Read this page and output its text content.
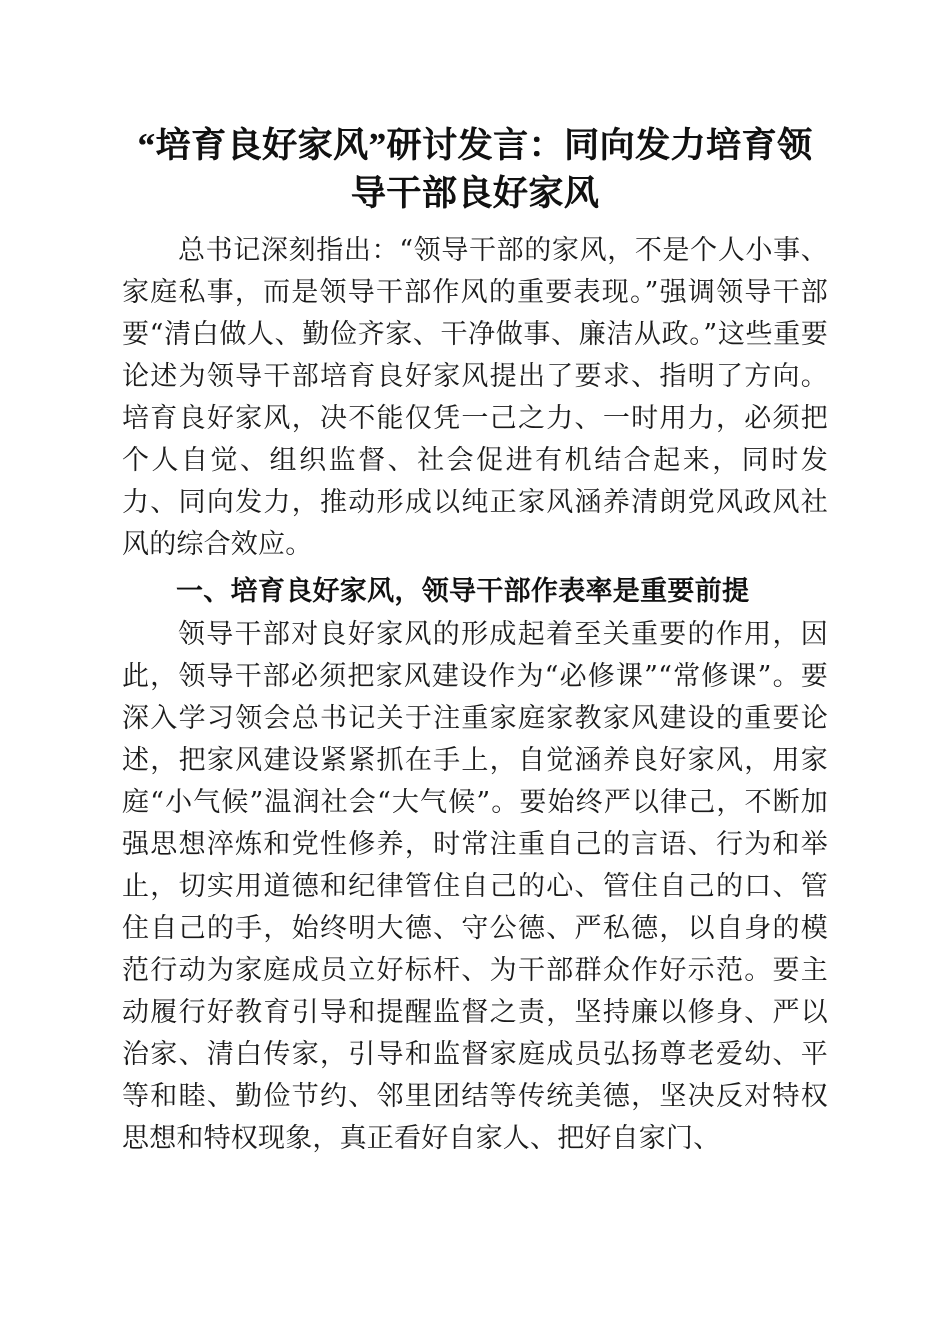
“培育良好家风”研讨发言：同向发力培育领
导干部良好家风

总书记深刻指出：“领导干部的家风，不是个人小事、家庭私事，而是领导干部作风的重要表现。”强调领导干部要“清白做人、勤俭齐家、干净做事、廉洁从政。”这些重要论述为领导干部培育良好家风提出了要求、指明了方向。培育良好家风，决不能仅凭一己之力、一时用力，必须把个人自觉、组织监督、社会促进有机结合起来，同时发力、同向发力，推动形成以纯正家风涵养清朗党风政风社风的综合效应。

一、培育良好家风，领导干部作表率是重要前提

领导干部对良好家风的形成起着至关重要的作用，因此，领导干部必须把家风建设作为“必修课”“常修课”。要深入学习领会总书记关于注重家庭家教家风建设的重要论述，把家风建设紧紧抓在手上，自觉涵养良好家风，用家庭“小气候”温润社会“大气候”。要始终严以律己，不断加强思想淬炼和党性修养，时常注重自己的言语、行为和举止，切实用道德和纪律管住自己的心、管住自己的口、管住自己的手，始终明大德、守公德、严私德，以自身的模范行动为家庭成员立好标杆、为干部群众作好示范。要主动履行好教育引导和提醒监督之责，坚持廉以修身、严以治家、清白传家，引导和监督家庭成员弘扬尊老爱幼、平等和睦、勤俭节约、邻里团结等传统美德，坚决反对特权思想和特权现象，真正看好自家人、把好自家门、
